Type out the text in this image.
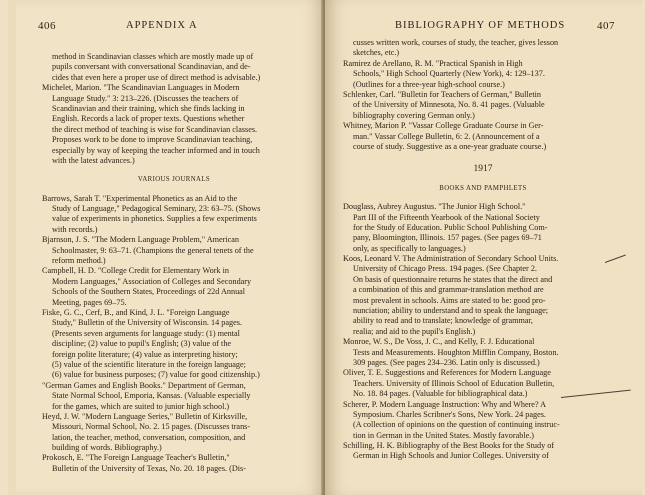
406	APPENDIX A
method in Scandinavian classes which are mostly made up of
pupils conversant with conversational Scandinavian, and de-
cides that even here a proper use of direct method is advisable.)
Michelet, Marion. "The Scandinavian Languages in Modern
Language Study." 3: 213–226. (Discusses the teachers of
Scandinavian and their training, which she finds lacking in
English. Records a lack of proper texts. Questions whether
the direct method of teaching is wise for Scandinavian classes.
Proposes work to be done to improve Scandinavian teaching,
especially by way of keeping the teacher informed and in touch
with the latest advances.)
VARIOUS JOURNALS
Barrows, Sarah T. "Experimental Phonetics as an Aid to the
Study of Language," Pedagogical Seminary, 23: 63–75. (Shows
value of experiments in phonetics. Supplies a few experiments
with records.)
Bjarnson, J. S. "The Modern Language Problem," American
Schoolmaster, 9: 63–71. (Champions the general tenets of the
reform method.)
Campbell, H. D. "College Credit for Elementary Work in
Modern Languages," Association of Colleges and Secondary
Schools of the Southern States, Proceedings of 22d Annual
Meeting, pages 69–75.
Fiske, G. C., Cerf, B., and Kind, J. L. "Foreign Language
Study," Bulletin of the University of Wisconsin. 14 pages.
(Presents seven arguments for language study: (1) mental
discipline; (2) value to pupil's English; (3) value of the
foreign polite literature; (4) value as interpreting history;
(5) value of the scientific literature in the foreign language;
(6) value for business purposes; (7) value for good citizenship.)
"German Games and English Books." Department of German,
State Normal School, Emporia, Kansas. (Valuable especially
for the games, which are suited to junior high school.)
Heyd, J. W. "Modern Language Series," Bulletin of Kirksville,
Missouri, Normal School, No. 2. 15 pages. (Discusses trans-
lation, the teacher, method, conversation, composition, and
building of words. Bibliography.)
Prokosch, E. "The Foreign Language Teacher's Bulletin,"
Bulletin of the University of Texas, No. 20. 18 pages. (Dis-
BIBLIOGRAPHY OF METHODS	407
cusses written work, courses of study, the teacher, gives lesson
sketches, etc.)
Ramirez de Arellano, R. M. "Practical Spanish in High
Schools," High School Quarterly (New York), 4: 129–137.
(Outlines for a three-year high-school course.)
Schlenker, Carl. "Bulletin for Teachers of German," Bulletin
of the University of Minnesota, No. 8. 41 pages. (Valuable
bibliography covering German only.)
Whitney, Marion P. "Vassar College Graduate Course in Ger-
man." Vassar College Bulletin, 6: 2. (Announcement of a
course of study. Suggestive as a one-year graduate course.)
1917
BOOKS AND PAMPHLETS
Douglass, Aubrey Augustus. "The Junior High School."
Part III of the Fifteenth Yearbook of the National Society
for the Study of Education. Public School Publishing Com-
pany, Bloomington, Illinois. 157 pages. (See pages 69–71
only, as specifically to languages.)
Koos, Leonard V. The Administration of Secondary School Units.
University of Chicago Press. 194 pages. (See Chapter 2.
On basis of questionnaire returns he states that the direct and
a combination of this and grammar-translation method are
most prevalent in schools. Aims are stated to be: good pro-
nunciation; ability to understand and to speak the language;
ability to read and to translate; knowledge of grammar,
realia; and aid to the pupil's English.)
Monroe, W. S., De Voss, J. C., and Kelly, F. J. Educational
Tests and Measurements. Houghton Mifflin Company, Boston.
309 pages. (See pages 234–236. Latin only is discussed.)
Oliver, T. E. Suggestions and References for Modern Language
Teachers. University of Illinois School of Education Bulletin,
No. 18. 84 pages. (Valuable for bibliographical data.)
Scherer, P. Modern Language Instruction: Why and Where? A
Symposium. Charles Scribner's Sons, New York. 24 pages.
(A collection of opinions on the question of continuing instruc-
tion in German in the United States. Mostly favorable.)
Schilling, H. K. Bibliography of the Best Books for the Study of
German in High Schools and Junior Colleges. University of
